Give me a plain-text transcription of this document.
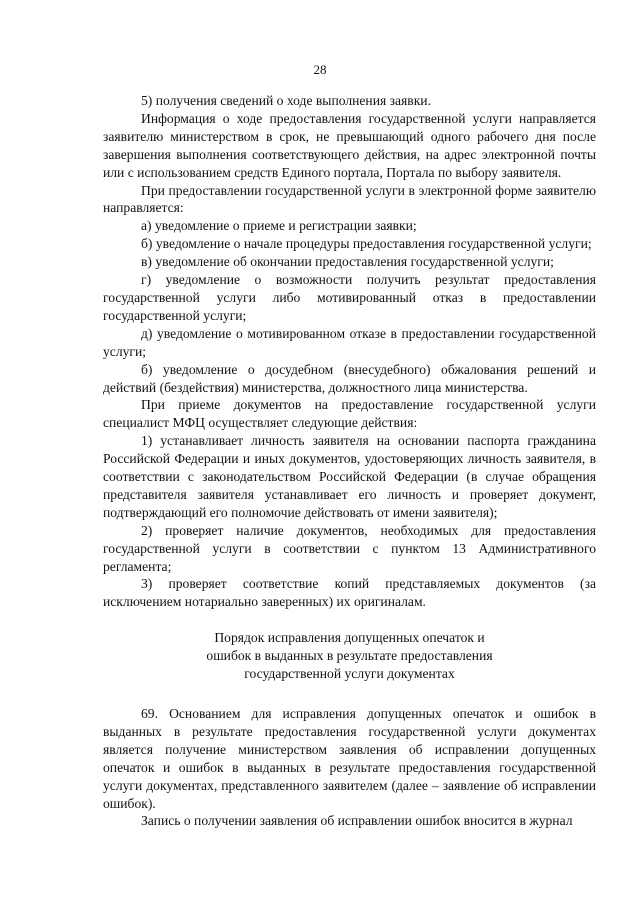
28

5) получения сведений о ходе выполнения заявки.

Информация о ходе предоставления государственной услуги направляется заявителю министерством в срок, не превышающий одного рабочего дня после завершения выполнения соответствующего действия, на адрес электронной почты или с использованием средств Единого портала, Портала по выбору заявителя.

При предоставлении государственной услуги в электронной форме заявителю направляется:

а) уведомление о приеме и регистрации заявки;

б) уведомление о начале процедуры предоставления государственной услуги;

в) уведомление об окончании предоставления государственной услуги;

г) уведомление о возможности получить результат предоставления государственной услуги либо мотивированный отказ в предоставлении государственной услуги;

д) уведомление о мотивированном отказе в предоставлении государственной услуги;

б) уведомление о досудебном (внесудебного) обжалования решений и действий (бездействия) министерства, должностного лица министерства.

При приеме документов на предоставление государственной услуги специалист МФЦ осуществляет следующие действия:

1) устанавливает личность заявителя на основании паспорта гражданина Российской Федерации и иных документов, удостоверяющих личность заявителя, в соответствии с законодательством Российской Федерации (в случае обращения представителя заявителя устанавливает его личность и проверяет документ, подтверждающий его полномочие действовать от имени заявителя);

2) проверяет наличие документов, необходимых для предоставления государственной услуги в соответствии с пунктом 13 Административного регламента;

3) проверяет соответствие копий представляемых документов (за исключением нотариально заверенных) их оригиналам.

Порядок исправления допущенных опечаток и
ошибок в выданных в результате предоставления
государственной услуги документах

69. Основанием для исправления допущенных опечаток и ошибок в выданных в результате предоставления государственной услуги документах является получение министерством заявления об исправлении допущенных опечаток и ошибок в выданных в результате предоставления государственной услуги документах, представленного заявителем (далее – заявление об исправлении ошибок).

Запись о получении заявления об исправлении ошибок вносится в журнал
